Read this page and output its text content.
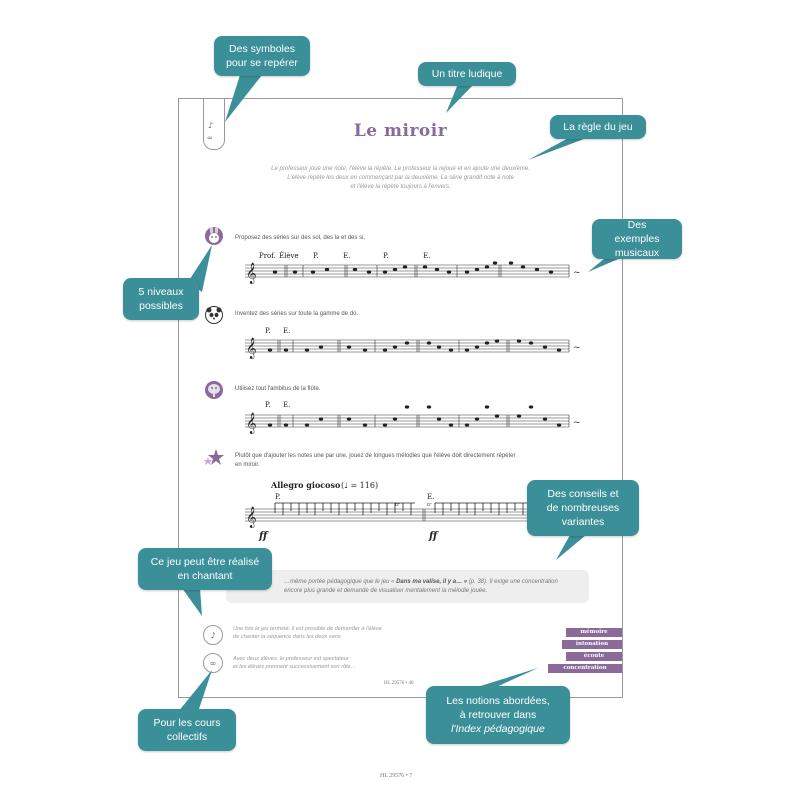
♪
∞	Le miroir
Le professeur joue une note, l'élève la répète. Le professeur la rejoue et en ajoute une deuxième.
L'élève répète les deux en commençant par la deuxième. La série grandit note à note
et l'élève la répète toujours à l'envers.
Proposez des séries sur des sol, des la et des si.
𝄞
Prof. Élève P.	E.	P.	E.
~
Inventez des séries sur toute la gamme de do.
𝄞
P. E.
~
Utilisez tout l'ambitus de la flûte.
𝄞
P. E.
~
Plutôt que d'ajouter les notes une par une, jouez de longues mélodies que l'élève doit directement répéter
en miroir.
Allegro giocoso (♩ = 116)
P.	E.
𝄞
ff	ff
tr	tr
…même portée pédagogique que le jeu « Dans ma valise, il y a… » (p. 38). Il exige une concentration
encore plus grande et demande de visualiser mentalement la mélodie jouée.
♪
Une fois le jeu terminé, il est possible de demander à l'élève
de chanter la séquence dans les deux sens.
∞	Avec deux élèves, le professeur est spectateur
et les élèves prennent successivement son rôle…
mémoire
intonation
écoute
concentration
HL 29576 • 40
Des symboles pour se repérer
Un titre ludique
La règle du jeu
Des exemples musicaux
5 niveaux possibles
Des conseils et de nombreuses variantes
Ce jeu peut être réalisé en chantant
Pour les cours collectifs
Les notions abordées, à retrouver dans
l'Index pédagogique
HL 29576 • 7
